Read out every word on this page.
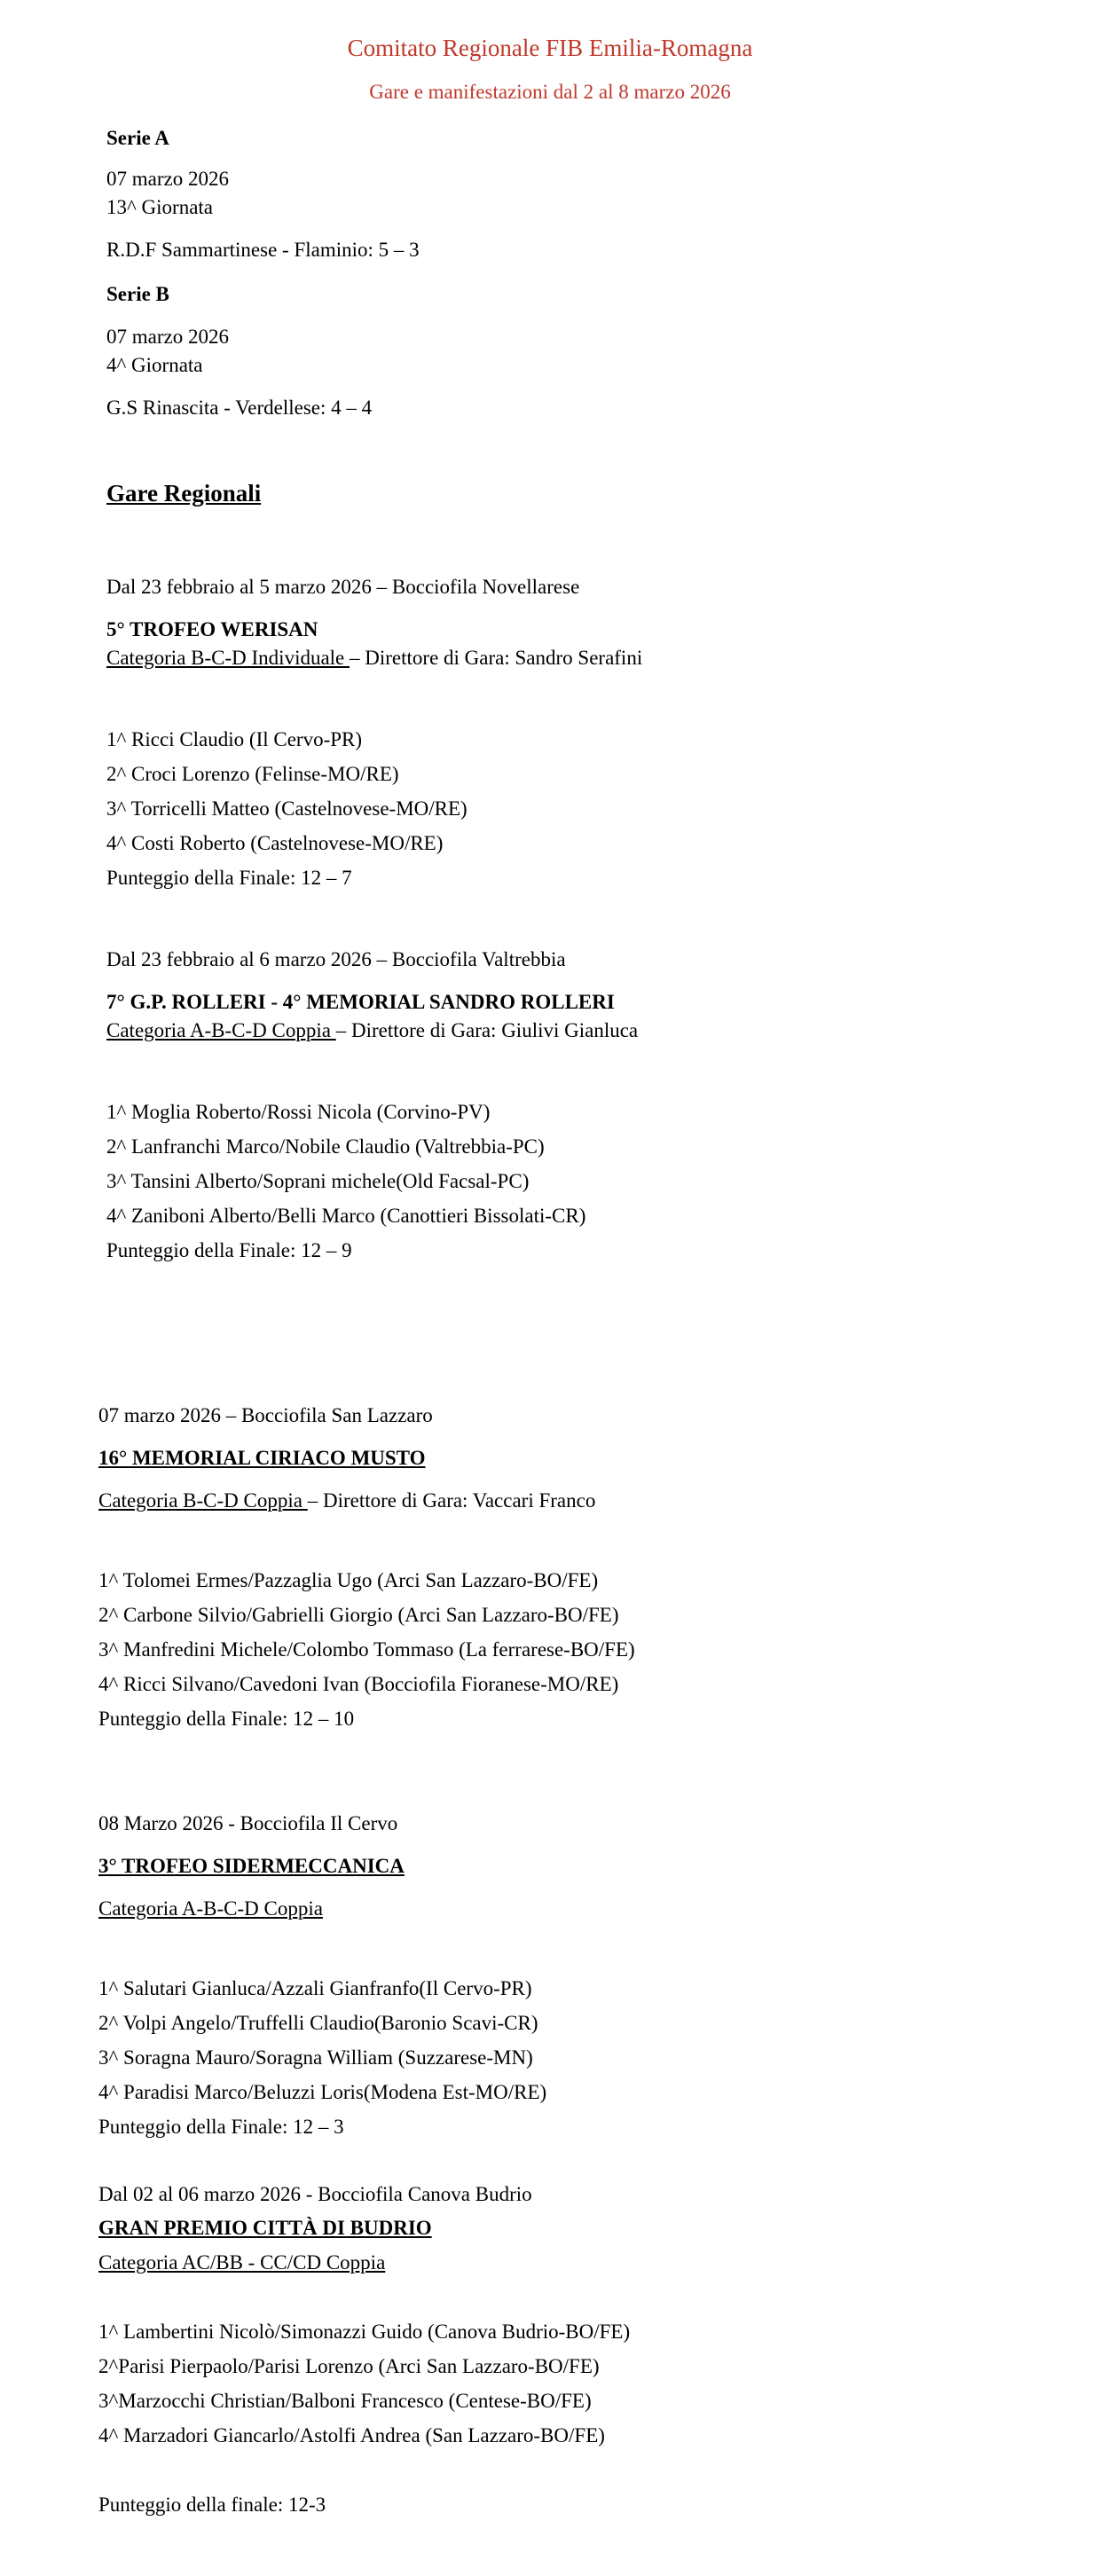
Comitato Regionale FIB Emilia-Romagna
Gare e manifestazioni dal 2 al 8 marzo 2026
Serie A
07 marzo 2026
13^ Giornata
R.D.F Sammartinese - Flaminio: 5 – 3
Serie B
07 marzo 2026
4^ Giornata
G.S Rinascita - Verdellese: 4 – 4
Gare Regionali
Dal 23 febbraio al 5 marzo 2026 – Bocciofila Novellarese
5° TROFEO WERISAN
Categoria B-C-D Individuale – Direttore di Gara: Sandro Serafini
1^ Ricci Claudio (Il Cervo-PR)
2^ Croci Lorenzo (Felinse-MO/RE)
3^ Torricelli Matteo (Castelnovese-MO/RE)
4^ Costi Roberto (Castelnovese-MO/RE)
Punteggio della Finale: 12 – 7
Dal 23 febbraio al 6 marzo 2026 – Bocciofila Valtrebbia
7° G.P. ROLLERI - 4° MEMORIAL SANDRO ROLLERI
Categoria A-B-C-D Coppia – Direttore di Gara: Giulivi Gianluca
1^ Moglia Roberto/Rossi Nicola (Corvino-PV)
2^ Lanfranchi Marco/Nobile Claudio (Valtrebbia-PC)
3^ Tansini Alberto/Soprani michele(Old Facsal-PC)
4^ Zaniboni Alberto/Belli Marco (Canottieri Bissolati-CR)
Punteggio della Finale: 12 – 9
07 marzo 2026 – Bocciofila San Lazzaro
16° MEMORIAL CIRIACO MUSTO
Categoria B-C-D Coppia – Direttore di Gara: Vaccari Franco
1^ Tolomei Ermes/Pazzaglia Ugo (Arci San Lazzaro-BO/FE)
2^ Carbone Silvio/Gabrielli Giorgio (Arci San Lazzaro-BO/FE)
3^ Manfredini Michele/Colombo Tommaso (La ferrarese-BO/FE)
4^ Ricci Silvano/Cavedoni Ivan (Bocciofila Fioranese-MO/RE)
Punteggio della Finale: 12 – 10
08 Marzo 2026 - Bocciofila Il Cervo
3° TROFEO SIDERMECCANICA
Categoria A-B-C-D Coppia
1^ Salutari Gianluca/Azzali Gianfranfo(Il Cervo-PR)
2^ Volpi Angelo/Truffelli Claudio(Baronio Scavi-CR)
3^ Soragna Mauro/Soragna William (Suzzarese-MN)
4^ Paradisi Marco/Beluzzi Loris(Modena Est-MO/RE)
Punteggio della Finale: 12 – 3
Dal 02 al 06 marzo 2026 - Bocciofila Canova Budrio
GRAN PREMIO CITTÀ DI BUDRIO
Categoria AC/BB - CC/CD Coppia
1^ Lambertini Nicolò/Simonazzi Guido (Canova Budrio-BO/FE)
2^Parisi Pierpaolo/Parisi Lorenzo (Arci San Lazzaro-BO/FE)
3^Marzocchi Christian/Balboni Francesco (Centese-BO/FE)
4^ Marzadori Giancarlo/Astolfi Andrea (San Lazzaro-BO/FE)
Punteggio della finale: 12-3
